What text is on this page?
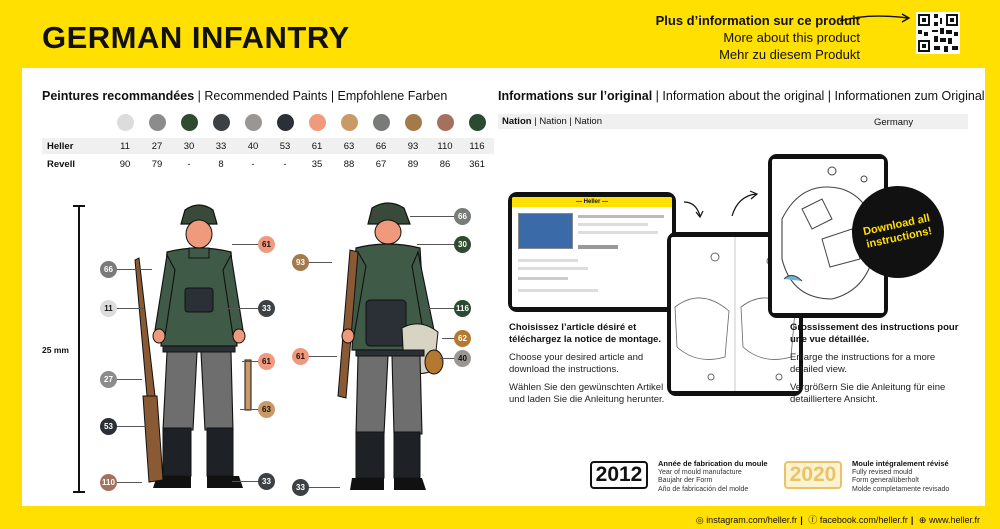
GERMAN INFANTRY	Plus d’information sur ce produit
More about this product
Mehr zu diesem Produkt
Peintures recommandées | Recommended Paints | Empfohlene Farben
Heller	11	27	30	33	40	53	61	63	66	93	110	116
Revell	90	79	-	8	-	-	35	88	67	89	86	361
25 mm
66
11
27
53
110
61
33
61
63
33
93
61
33
66
30
116
62
40
Informations sur l’original | Information about the original | Informationen zum Original
Nation | Nation | Nation	Germany
— Heller —
Download all instructions!
Choisissez l’article désiré et téléchargez la notice de montage.

Choose your desired article and download the instructions.

Wählen Sie den gewünschten Artikel und laden Sie die Anleitung herunter.

Grossissement des instructions pour une vue détaillée.

Enlarge the instructions for a more detailed view.

Vergrößern Sie die Anleitung für eine detailliertere Ansicht.

2012	Année de fabrication du moule
Year of mould manufacture
Baujahr der Form
Año de fabricación del molde
2020	Moule intégralement révisé
Fully revised mould
Form generalüberholt
Molde completamente revisado
◎ instagram.com/heller.fr | ⓕ facebook.com/heller.fr | ⊕ www.heller.fr
